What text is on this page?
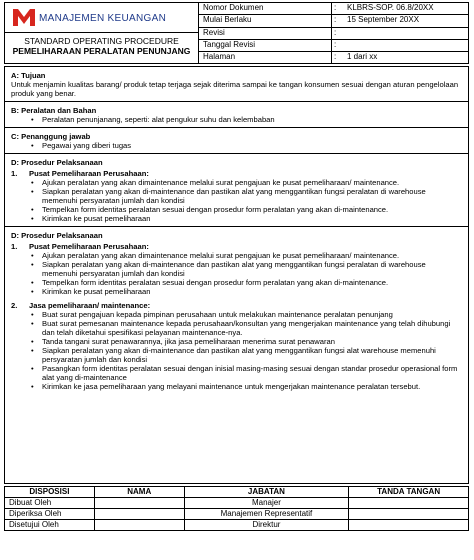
MANAJEMEN KEUANGAN
STANDARD OPERATING PROCEDURE
PEMELIHARAAN PERALATAN PENUNJANG
Nomor Dokumen	: KLBRS-SOP. 06.8/20XX
Mulai Berlaku	: 15 September 20XX
Revisi	:
Tanggal Revisi	:
Halaman	: 1 dari xx
A: Tujuan

Untuk menjamin kualitas barang/ produk tetap terjaga sejak diterima sampai ke tangan konsumen sesuai dengan aturan pengelolaan produk yang benar.

B: Peralatan dan Bahan

• Peralatan penunjanang, seperti: alat pengukur suhu dan kelembaban

C: Penanggung jawab

• Pegawai yang diberi tugas

D: Prosedur Pelaksanaan
1. Pusat Pemeliharaan Perusahaan:

• Ajukan peralatan yang akan dimaintenance melalui surat pengajuan ke pusat pemeliharaan/ maintenance.

• Siapkan peralatan yang akan di-maintenance dan pastikan alat yang menggantikan fungsi peralatan di warehouse memenuhi persyaratan jumlah dan kondisi

• Tempelkan form identitas peralatan sesuai dengan prosedur form peralatan yang akan di-maintenance.

• Kirimkan ke pusat pemeliharaan

D: Prosedur Pelaksanaan
1. Pusat Pemeliharaan Perusahaan:

• Ajukan peralatan yang akan dimaintenance melalui surat pengajuan ke pusat pemeliharaan/ maintenance.

• Siapkan peralatan yang akan di-maintenance dan pastikan alat yang menggantikan fungsi peralatan di warehouse memenuhi persyaratan jumlah dan kondisi

• Tempelkan form identitas peralatan sesuai dengan prosedur form peralatan yang akan di-maintenance.

• Kirimkan ke pusat pemeliharaan

2. Jasa pemeliharaan/ maintenance:

• Buat surat pengajuan kepada pimpinan perusahaan untuk melakukan maintenance peralatan penunjang

• Buat surat pemesanan maintenance kepada perusahaan/konsultan yang mengerjakan maintenance yang telah dihubungi dan telah diketahui spesifikasi pelayanan maintenance-nya.

• Tanda tangani surat penawarannya, jika jasa pemeliharaan menerima surat penawaran

• Siapkan peralatan yang akan di-maintenance dan pastikan alat yang menggantikan fungsi alat warehouse memenuhi persyaratan jumlah dan kondisi

• Pasangkan form identitas peralatan sesuai dengan inisial masing-masing sesuai dengan standar prosedur operasional form alat yang di-maintenance

• Kirimkan ke jasa pemeliharaan yang melayani maintenance untuk mengerjakan maintenance peralatan tersebut.

DISPOSISI	NAMA	JABATAN	TANDA TANGAN
Dibuat Oleh		Manajer	
Diperiksa Oleh		Manajemen Representatif	
Disetujui Oleh		Direktur	
